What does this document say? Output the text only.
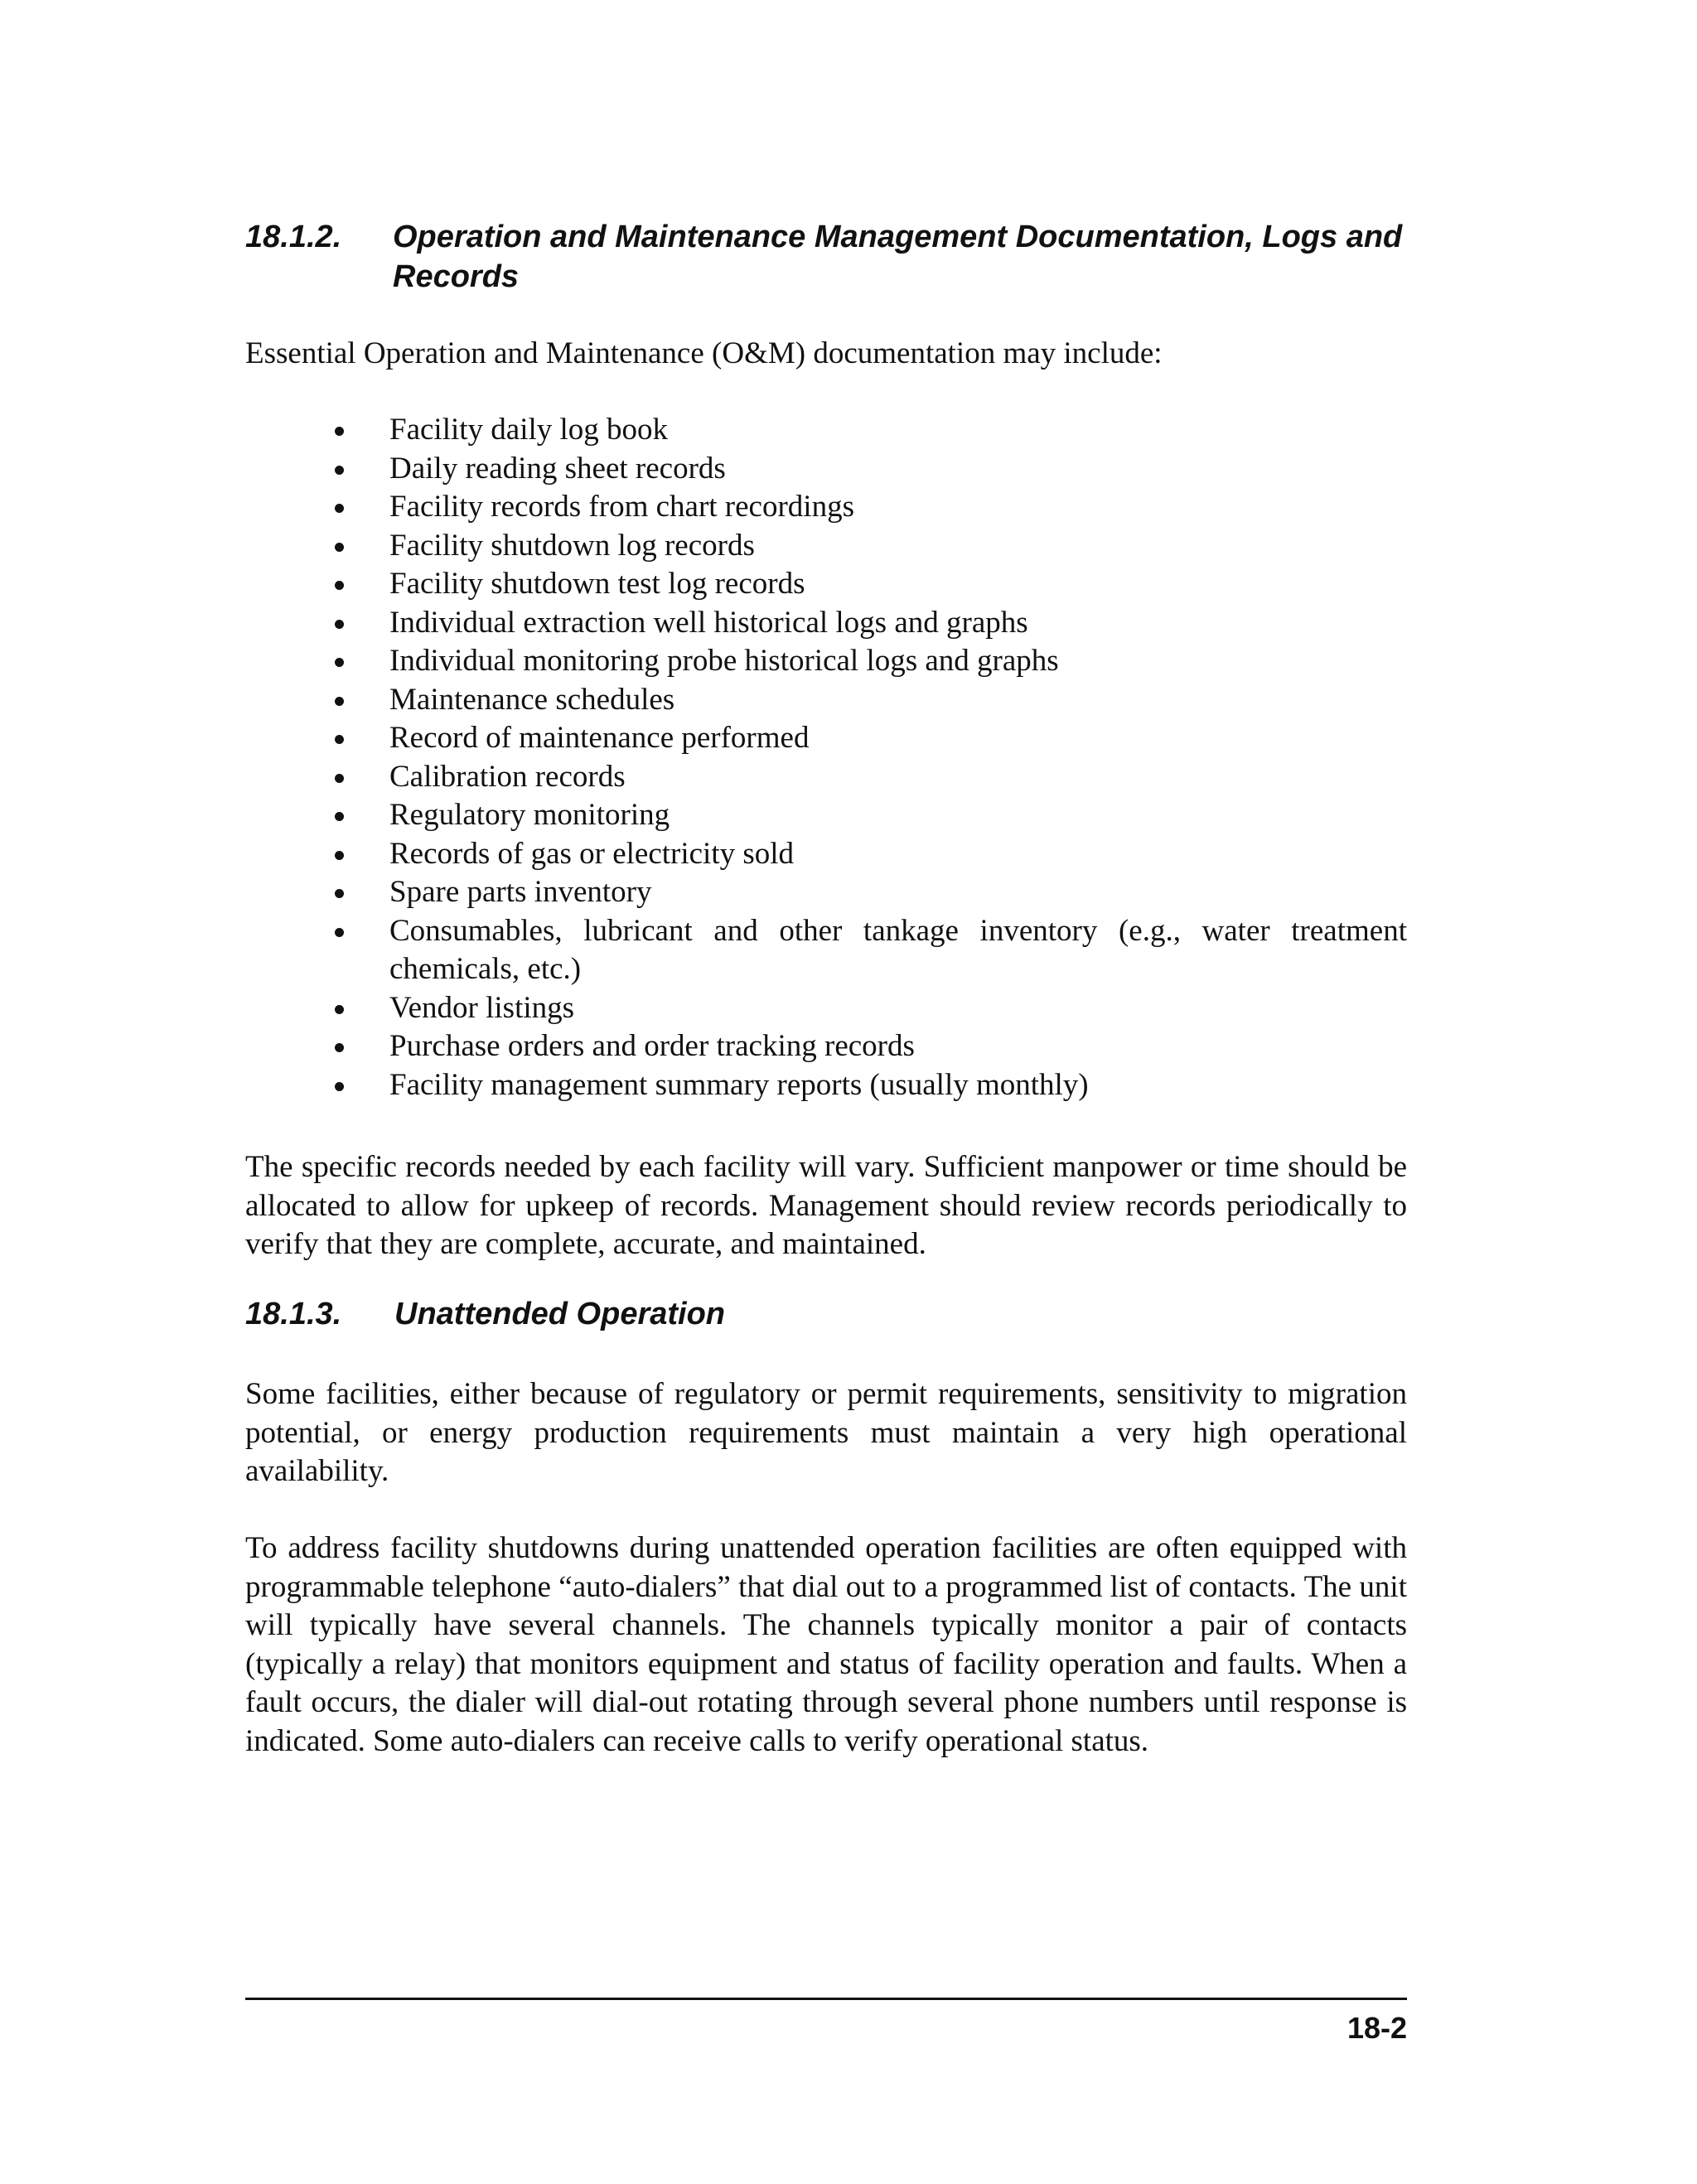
18.1.2. Operation and Maintenance Management Documentation, Logs and Records
Essential Operation and Maintenance (O&M) documentation may include:
Facility daily log book
Daily reading sheet records
Facility records from chart recordings
Facility shutdown log records
Facility shutdown test log records
Individual extraction well historical logs and graphs
Individual monitoring probe historical logs and graphs
Maintenance schedules
Record of maintenance performed
Calibration records
Regulatory monitoring
Records of gas or electricity sold
Spare parts inventory
Consumables, lubricant and other tankage inventory (e.g., water treatment chemicals, etc.)
Vendor listings
Purchase orders and order tracking records
Facility management summary reports (usually monthly)

The specific records needed by each facility will vary. Sufficient manpower or time should be allocated to allow for upkeep of records. Management should review records periodically to verify that they are complete, accurate, and maintained.

18.1.3. Unattended Operation

Some facilities, either because of regulatory or permit requirements, sensitivity to migration potential, or energy production requirements must maintain a very high operational availability.

To address facility shutdowns during unattended operation facilities are often equipped with programmable telephone “auto-dialers” that dial out to a programmed list of contacts. The unit will typically have several channels. The channels typically monitor a pair of contacts (typically a relay) that monitors equipment and status of facility operation and faults. When a fault occurs, the dialer will dial-out rotating through several phone numbers until response is indicated. Some auto-dialers can receive calls to verify operational status.

18-2
